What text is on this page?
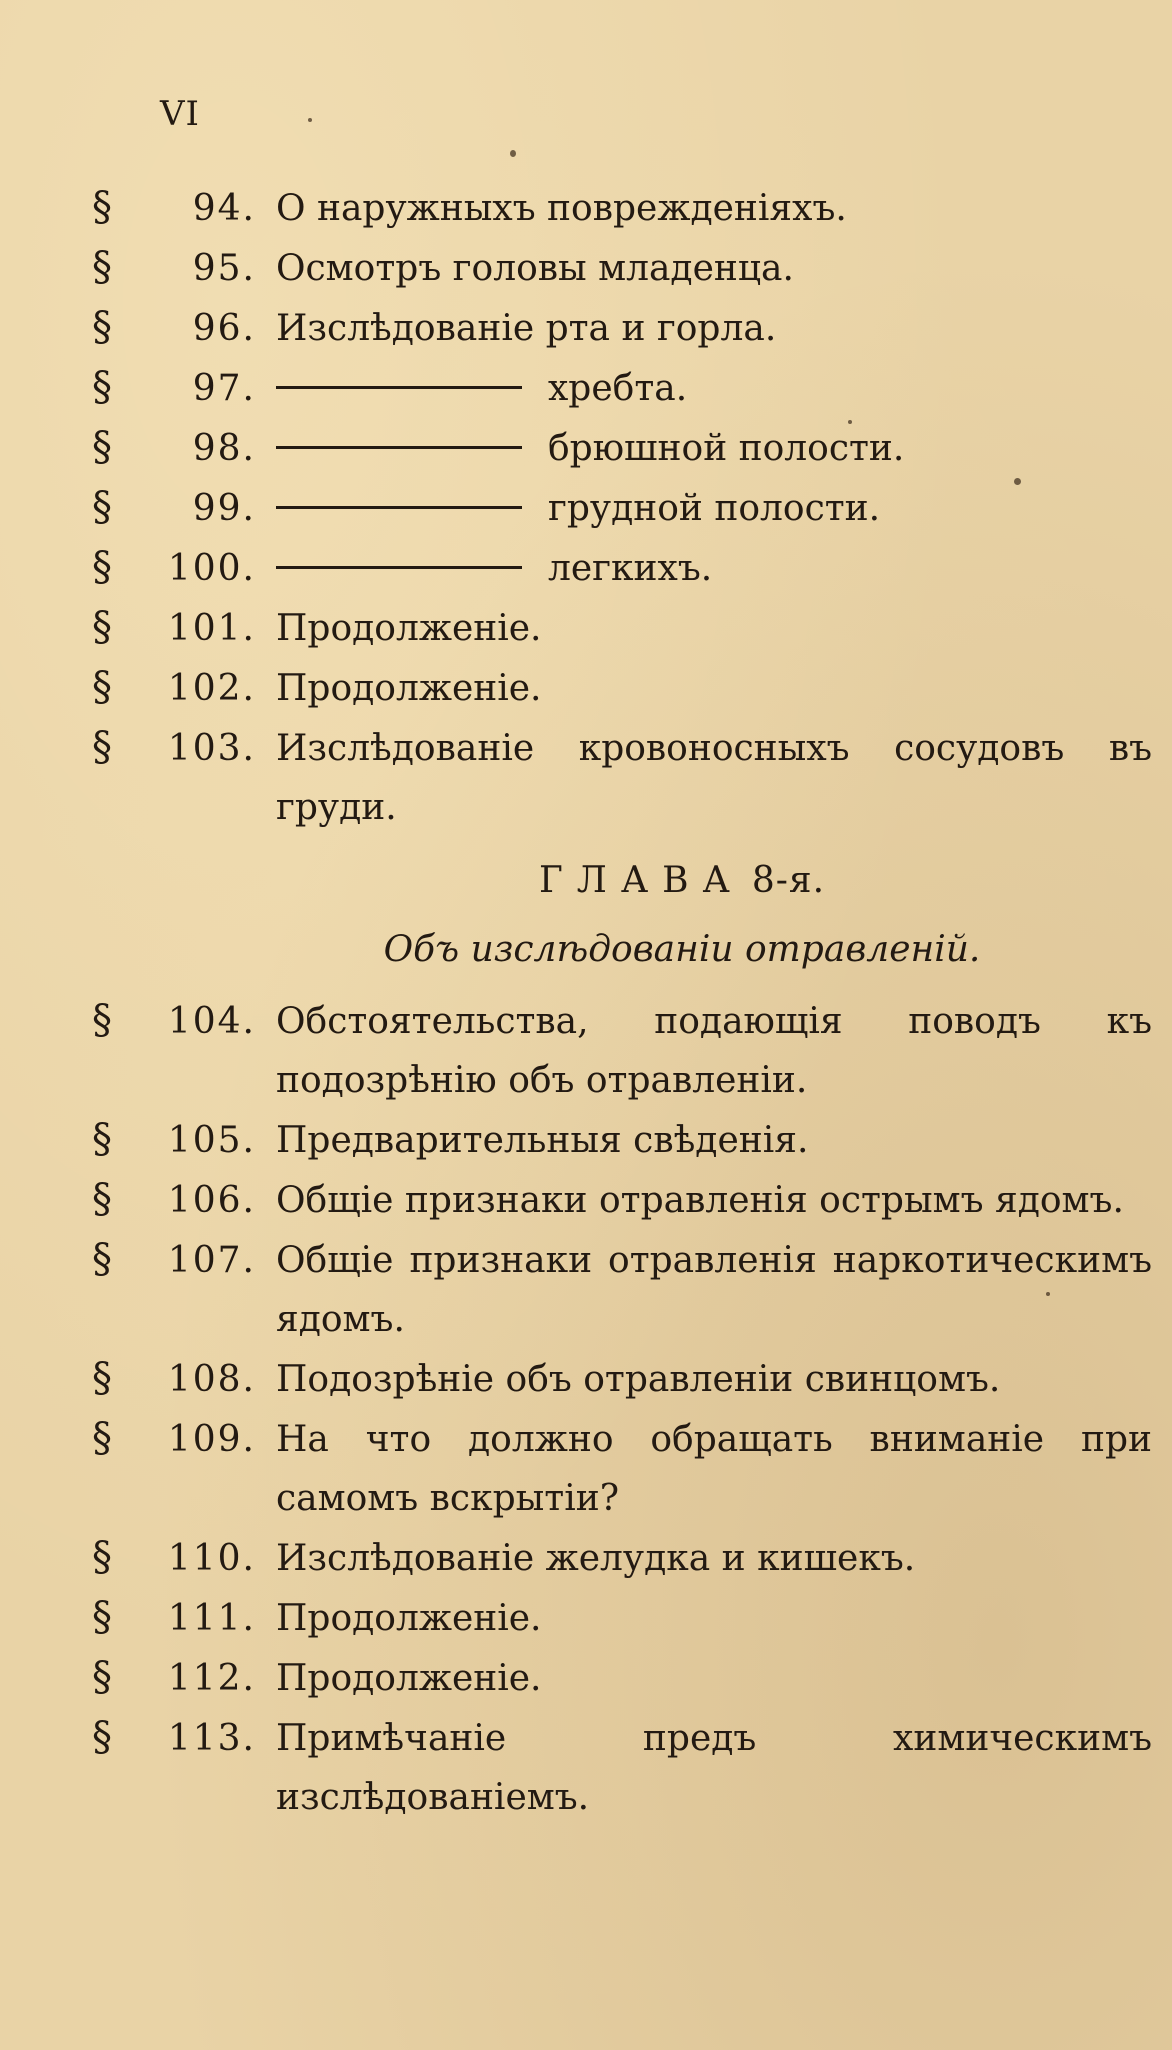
VI
§	94. О наружныхъ повреждeнiяхъ.
§	95. Осмотръ головы младенца.
§	96. Изслѣдованiе рта и горла.
§	97.	хребта.
§	98.	брюшной полости.
§	99.	грудной полости.
§	100.	легкихъ.
§	101. Продолженiе.
§	102. Продолженiе.
§	103. Изслѣдованiе кровоносныхъ сосудовъ въ груди.
ГЛАВА 8-я.
Объ изслѣдованiи отравленiй.
§	104. Обстоятельства, подающiя поводъ къ подозрѣнiю объ отравленiи.
§	105. Предварительныя свѣденiя.
§	106. Общiе признаки отравленiя острымъ ядомъ.
§	107. Общiе признаки отравленiя наркотическимъ ядомъ.
§	108. Подозрѣнiе объ отравленiи свинцомъ.
§	109. На что должно обращать вниманiе при самомъ вскрытiи?
§	110. Изслѣдованiе желудка и кишекъ.
§	111. Продолженiе.
§	112. Продолженiе.
§	113. Примѣчанiе предъ химическимъ изслѣдованiемъ.
